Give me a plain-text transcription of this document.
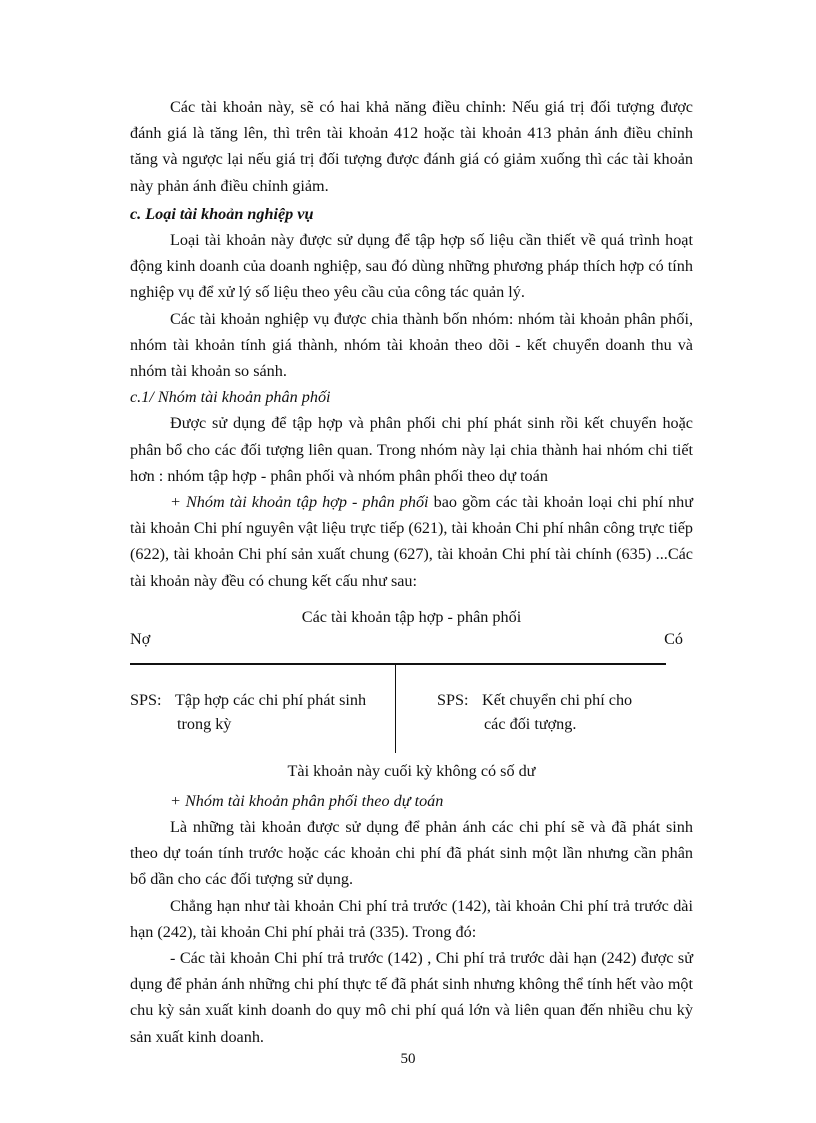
Các tài khoản này, sẽ có hai khả năng điều chỉnh: Nếu giá trị đối tượng được đánh giá là tăng lên, thì trên tài khoản 412 hoặc tài khoản 413 phản ánh điều chỉnh tăng và ngược lại nếu giá trị đối tượng được đánh giá có giảm xuống thì các tài khoản này phản ánh điều chỉnh giảm.

c. Loại tài khoản nghiệp vụ

Loại tài khoản này được sử dụng để tập hợp số liệu cần thiết về quá trình hoạt động kinh doanh của doanh nghiệp, sau đó dùng những phương pháp thích hợp có tính nghiệp vụ để xử lý số liệu theo yêu cầu của công tác quản lý.

Các tài khoản nghiệp vụ được chia thành bốn nhóm: nhóm tài khoản phân phối, nhóm tài khoản tính giá thành, nhóm tài khoản theo dõi - kết chuyển doanh thu và nhóm tài khoản so sánh.

c.1/ Nhóm tài khoản phân phối

Được sử dụng để tập hợp và phân phối chi phí phát sinh rồi kết chuyển hoặc phân bổ cho các đối tượng liên quan. Trong nhóm này lại chia thành hai nhóm chi tiết hơn : nhóm tập hợp - phân phối và nhóm phân phối theo dự toán

+ Nhóm tài khoản tập hợp - phân phối bao gồm các tài khoản loại chi phí như tài khoản Chi phí nguyên vật liệu trực tiếp (621), tài khoản Chi phí nhân công trực tiếp (622), tài khoản Chi phí sản xuất chung (627), tài khoản Chi phí tài chính (635) ...Các tài khoản này đều có chung kết cấu như sau:

Các tài khoản tập hợp - phân phối
Nợ	Có
SPS: Tập hợp các chi phí phát sinh
trong kỳ
SPS: Kết chuyển chi phí cho
các đối tượng.
Tài khoản này cuối kỳ không có số dư

+ Nhóm tài khoản phân phối theo dự toán

Là những tài khoản được sử dụng để phản ánh các chi phí sẽ và đã phát sinh theo dự toán tính trước hoặc các khoản chi phí đã phát sinh một lần nhưng cần phân bổ dần cho các đối tượng sử dụng.

Chẳng hạn như tài khoản Chi phí trả trước (142), tài khoản Chi phí trả trước dài hạn (242), tài khoản Chi phí phải trả (335). Trong đó:

- Các tài khoản Chi phí trả trước (142) , Chi phí trả trước dài hạn (242) được sử dụng để phản ánh những chi phí thực tế đã phát sinh nhưng không thể tính hết vào một chu kỳ sản xuất kinh doanh do quy mô chi phí quá lớn và liên quan đến nhiều chu kỳ sản xuất kinh doanh.

50
